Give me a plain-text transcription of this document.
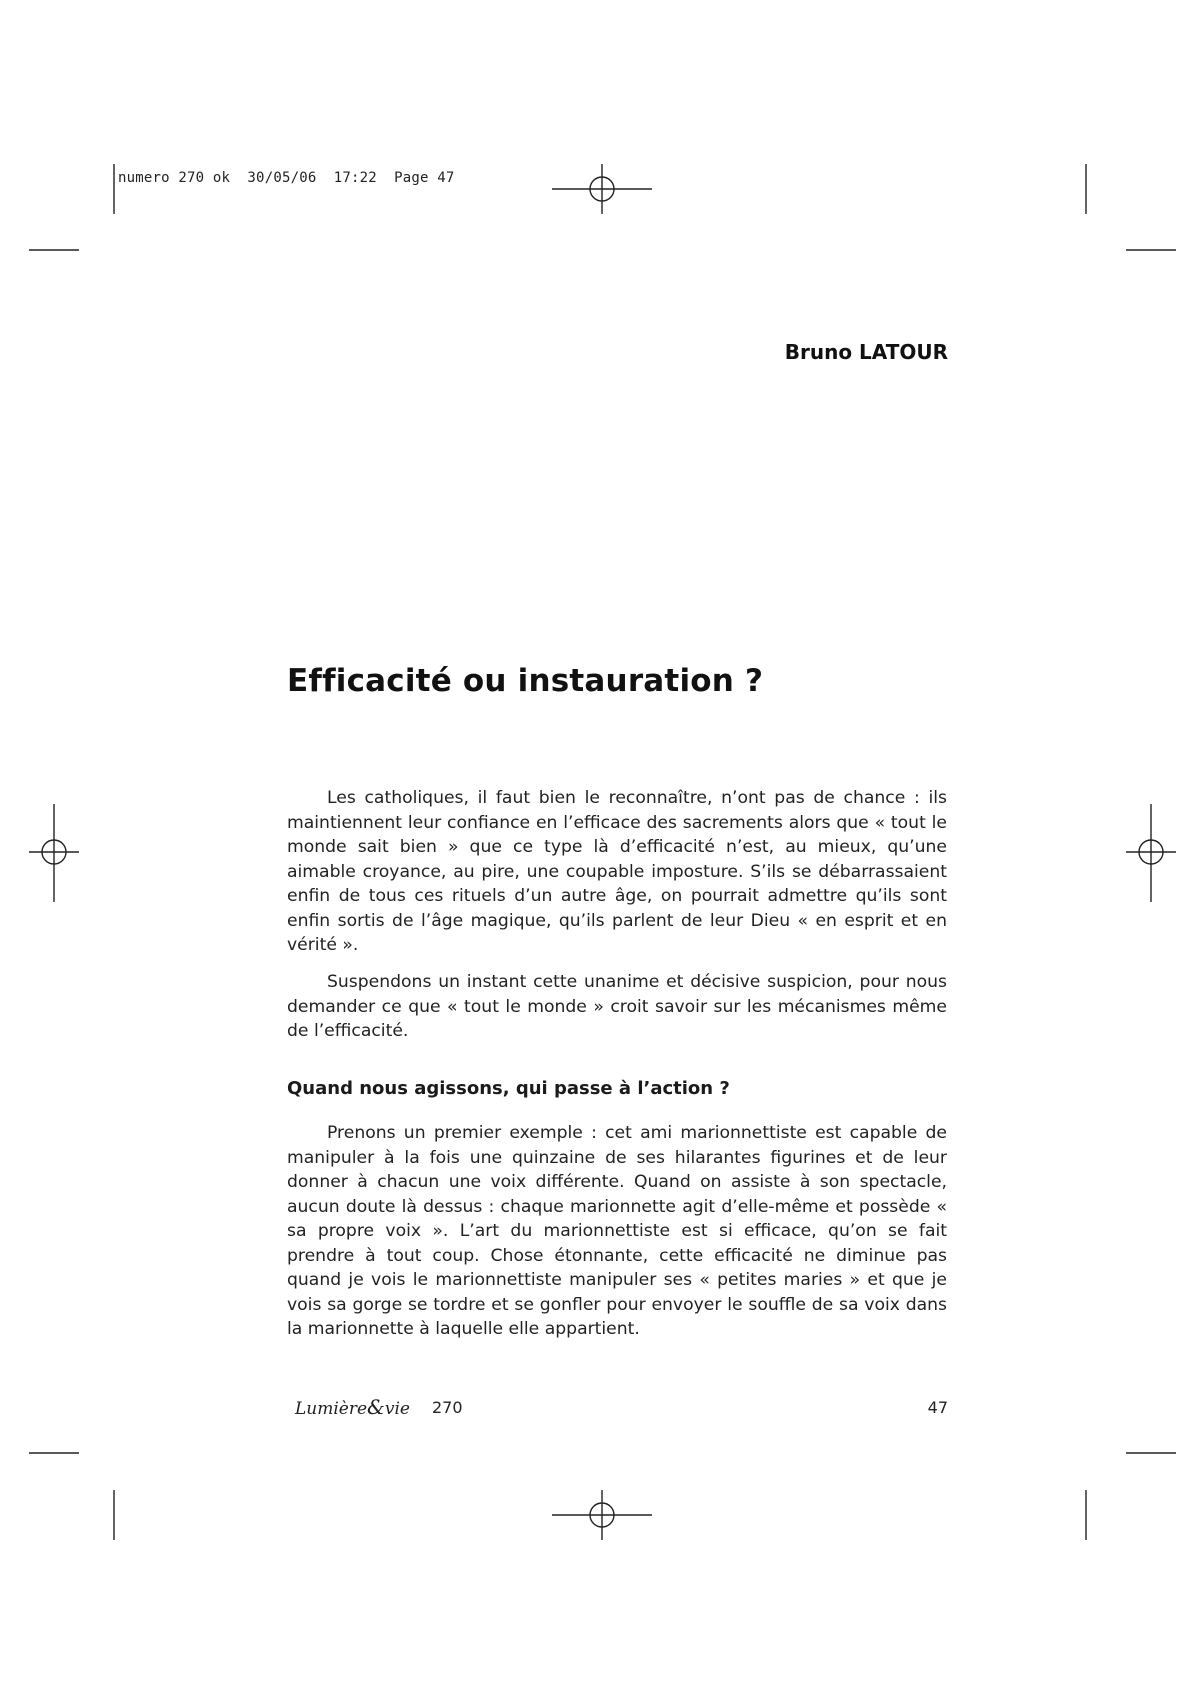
numero 270 ok  30/05/06  17:22  Page 47
Bruno LATOUR
Efficacité ou instauration ?

Les catholiques, il faut bien le reconnaître, n’ont pas de chance : ils maintiennent leur confiance en l’efficace des sacrements alors que « tout le monde sait bien » que ce type là d’efficacité n’est, au mieux, qu’une aimable croyance, au pire, une coupable imposture. S’ils se débarrassaient enfin de tous ces rituels d’un autre âge, on pourrait admettre qu’ils sont enfin sortis de l’âge magique, qu’ils parlent de leur Dieu « en esprit et en vérité ».

Suspendons un instant cette unanime et décisive suspicion, pour nous demander ce que « tout le monde » croit savoir sur les mécanismes même de l’efficacité.

Quand nous agissons, qui passe à l’action ?

Prenons un premier exemple : cet ami marionnettiste est capable de manipuler à la fois une quinzaine de ses hilarantes figurines et de leur donner à chacun une voix différente. Quand on assiste à son spectacle, aucun doute là dessus : chaque marionnette agit d’elle-même et possède « sa propre voix ». L’art du marionnettiste est si efficace, qu’on se fait prendre à tout coup. Chose étonnante, cette efficacité ne diminue pas quand je vois le marionnettiste manipuler ses « petites maries » et que je vois sa gorge se tordre et se gonfler pour envoyer le souffle de sa voix dans la marionnette à laquelle elle appartient.

Lumière&vie 270	47
